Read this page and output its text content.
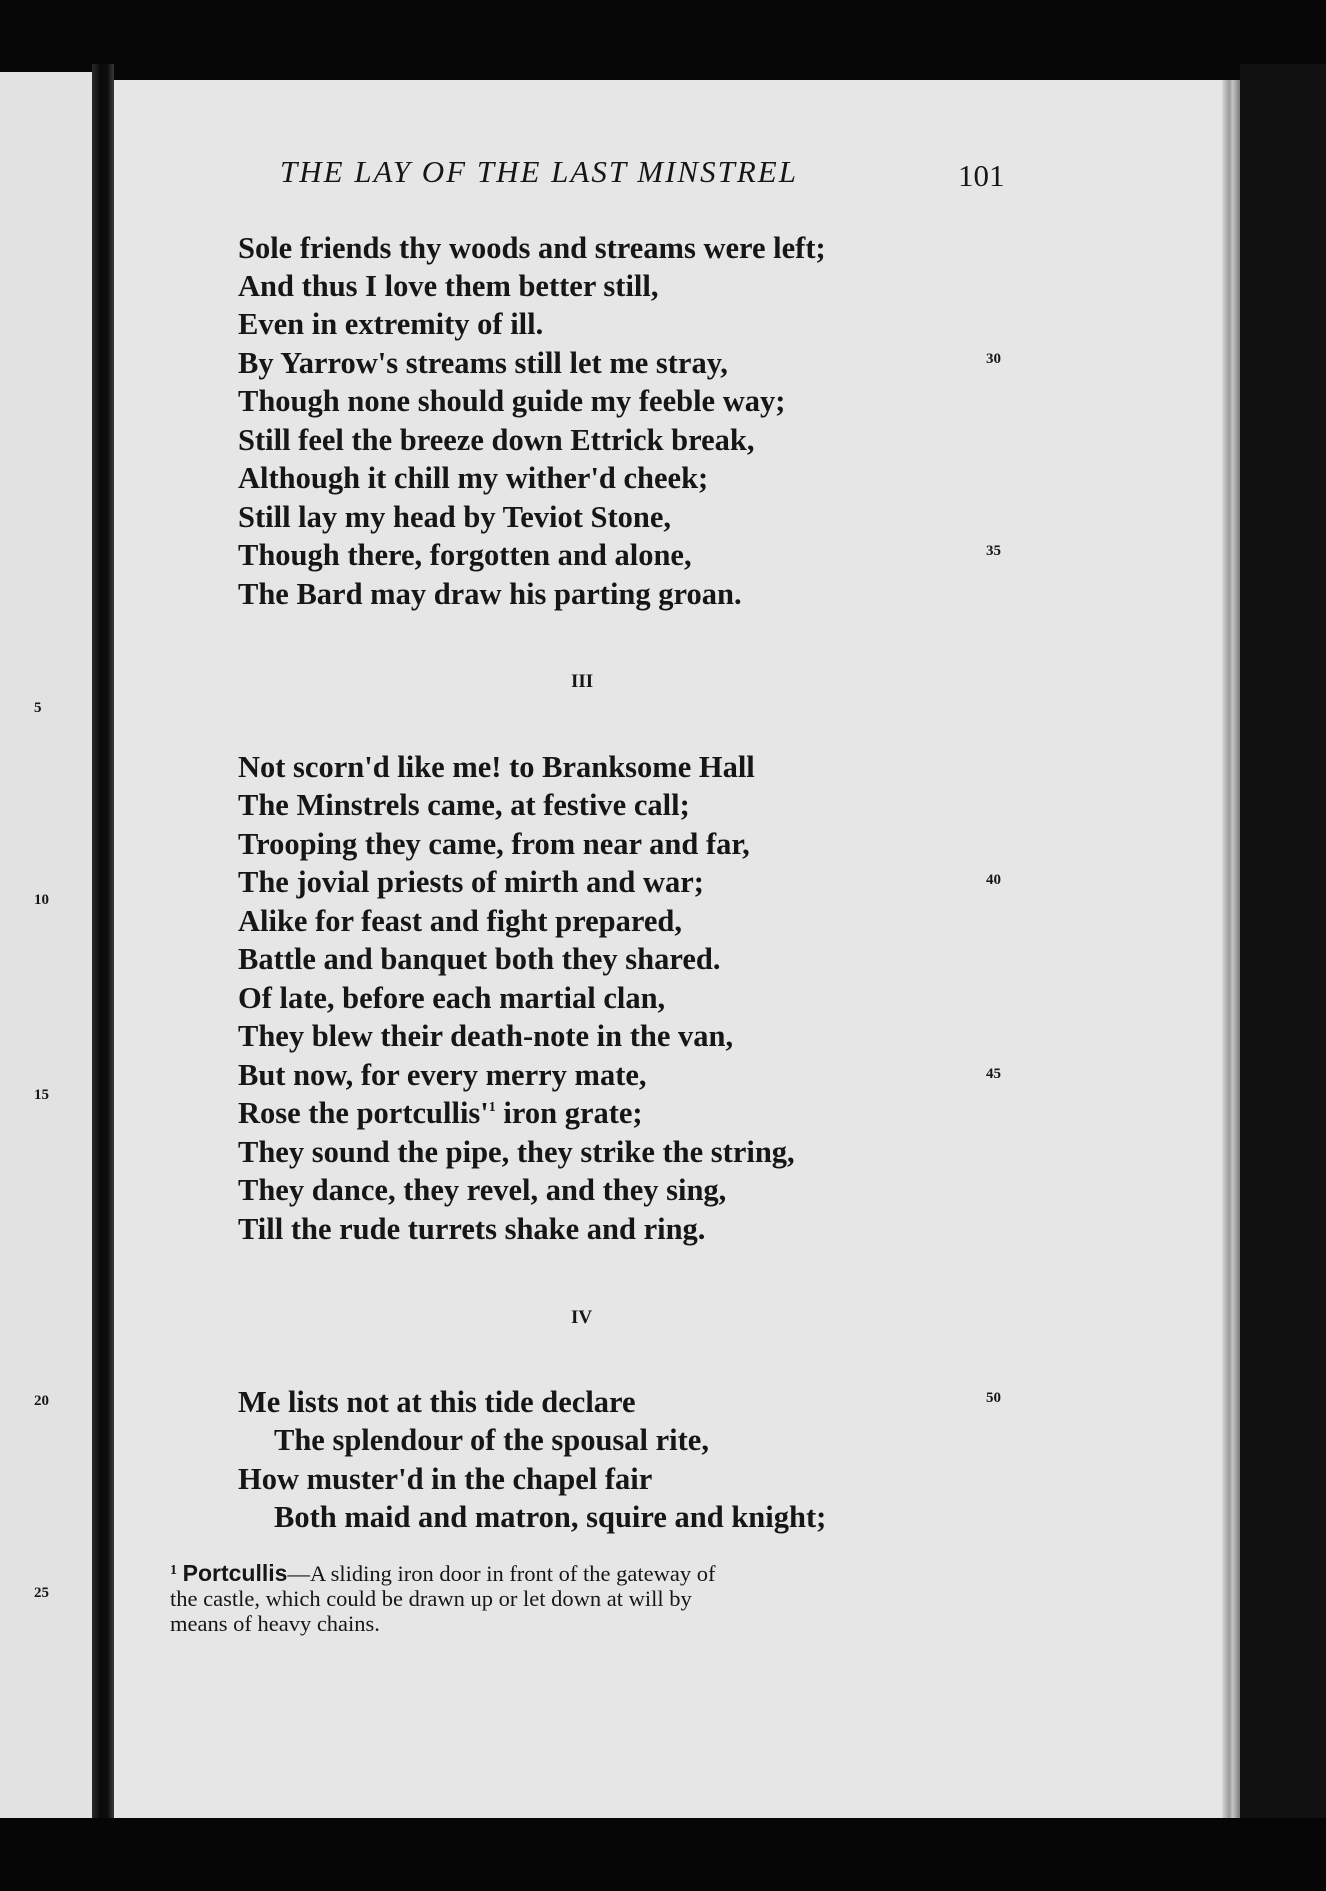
THE LAY OF THE LAST MINSTREL	101
Sole friends thy woods and streams were left;
And thus I love them better still,
Even in extremity of ill.
By Yarrow's streams still let me stray,
Though none should guide my feeble way;
Still feel the breeze down Ettrick break,
Although it chill my wither'd cheek;
Still lay my head by Teviot Stone,
Though there, forgotten and alone,
The Bard may draw his parting groan.
30
35
III
Not scorn'd like me! to Branksome Hall
The Minstrels came, at festive call;
Trooping they came, from near and far,
The jovial priests of mirth and war;
Alike for feast and fight prepared,
Battle and banquet both they shared.
Of late, before each martial clan,
They blew their death-note in the van,
But now, for every merry mate,
Rose the portcullis'$^1$ iron grate;
They sound the pipe, they strike the string,
They dance, they revel, and they sing,
Till the rude turrets shake and ring.
40
45
IV
Me lists not at this tide declare
The splendour of the spousal rite,
How muster'd in the chapel fair
Both maid and matron, squire and knight;
50
5
10
15
20
25
$^1$ Portcullis—A sliding iron door in front of the gateway of
the castle, which could be drawn up or let down at will by
means of heavy chains.
